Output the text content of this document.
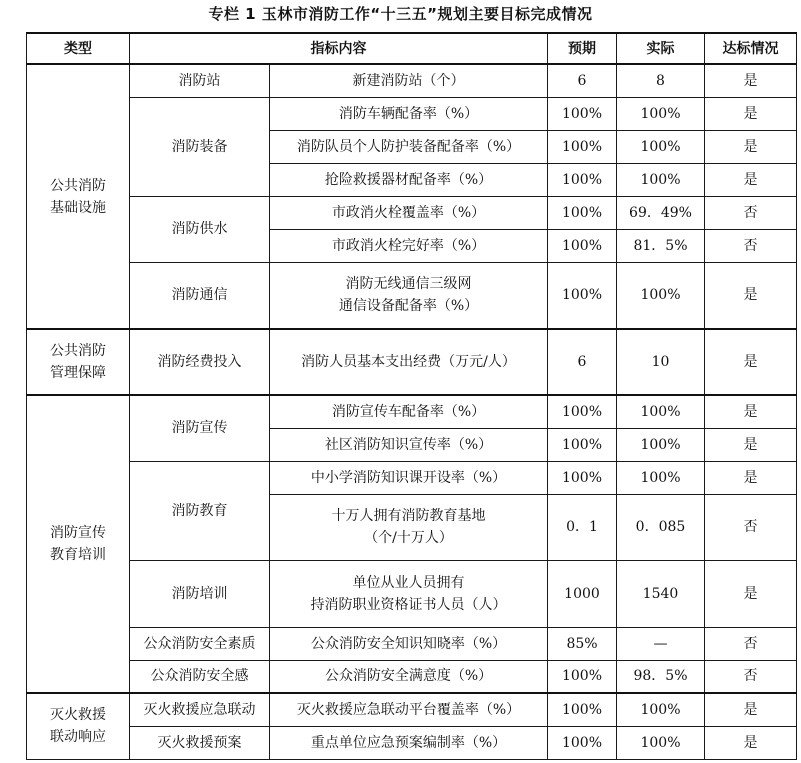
专栏 1 玉林市消防工作“十三五”规划主要目标完成情况
类型	指标内容		预期	实际	达标情况

公共消防
基础设施	消防站	新建消防站（个）	6	8	是
	消防装备	消防车辆配备率（%）	100%	100%	是
		消防队员个人防护装备配备率（%）	100%	100%	是
		抢险救援器材配备率（%）	100%	100%	是
	消防供水	市政消火栓覆盖率（%）	100%	69．49%	否
		市政消火栓完好率（%）	100%	81．5%	否
	消防通信	消防无线通信三级网
通信设备配备率（%）	100%	100%	是

公共消防
管理保障	消防经费投入	消防人员基本支出经费（万元/人）	6	10	是

消防宣传
教育培训	消防宣传	消防宣传车配备率（%）	100%	100%	是
		社区消防知识宣传率（%）	100%	100%	是
	消防教育	中小学消防知识课开设率（%）	100%	100%	是

		十万人拥有消防教育基地
（个/十万人）	0．1	0．085	否
	消防培训	单位从业人员拥有
持消防职业资格证书人员（人）	1000	1540	是
	公众消防安全素质	公众消防安全知识知晓率（%）	85%	—	否
	公众消防安全感	公众消防安全满意度（%）	100%	98．5%	否

灭火救援
联动响应	灭火救援应急联动	灭火救援应急联动平台覆盖率（%）	100%	100%	是
	灭火救援预案	重点单位应急预案编制率（%）	100%	100%	是
